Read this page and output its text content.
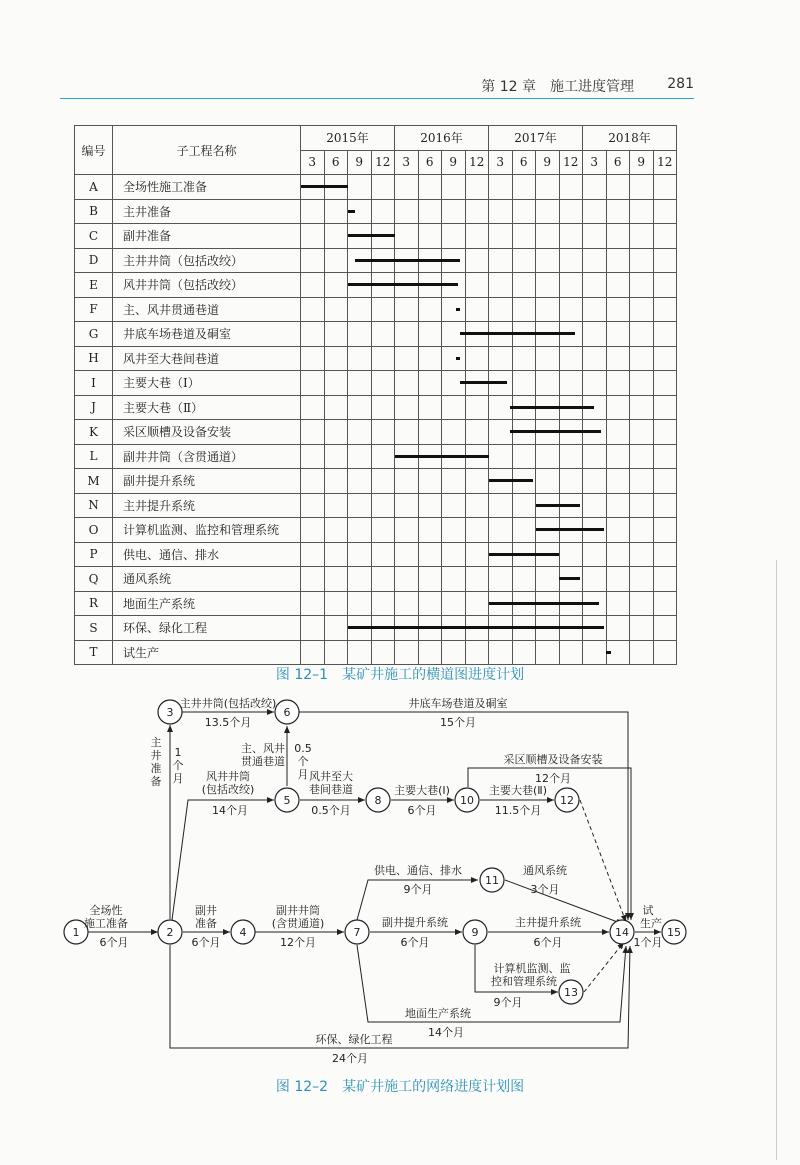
第 12 章　施工进度管理 281
编号	子工程名称	2015年				2016年				2017年				2018年			
		3	6	9	12	3	6	9	12	3	6	9	12	3	6	9	12
A	全场性施工准备																
B	主井准备																
C	副井准备																
D	主井井筒（包括改绞）																
E	风井井筒（包括改绞）																
F	主、风井贯通巷道																
G	井底车场巷道及硐室																
H	风井至大巷间巷道																
I	主要大巷（Ⅰ）																
J	主要大巷（Ⅱ）																
K	采区顺槽及设备安装																
L	副井井筒（含贯通道）																
M	副井提升系统																
N	主井提升系统																
O	计算机监测、监控和管理系统																
P	供电、通信、排水																
Q	通风系统																
R	地面生产系统																
S	环保、绿化工程																
T	试生产																
图 12–1　某矿井施工的横道图进度计划
1	2
3
4
5
6
7
8
9
10
11
12
13
14	15
全场性
施工准备
6个月
副井
准备
6个月
副井井筒
(含贯通道)
12个月
主井井筒(包括改绞)
13.5个月
井底车场巷道及硐室
15个月
主
井
准
备
1
个
月
主、风井
贯通巷道
0.5
个
月
风井井筒
(包括改绞)
14个月
风井至大
巷间巷道
0.5个月
主要大巷(Ⅰ)
6个月
主要大巷(Ⅱ)
11.5个月
采区顺槽及设备安装
12个月
供电、通信、排水
9个月
通风系统
3个月
副井提升系统
6个月
主井提升系统
6个月
计算机监测、监
控和管理系统
9个月
地面生产系统
14个月
环保、绿化工程
24个月
试
生产
1个月
图 12–2　某矿井施工的网络进度计划图
